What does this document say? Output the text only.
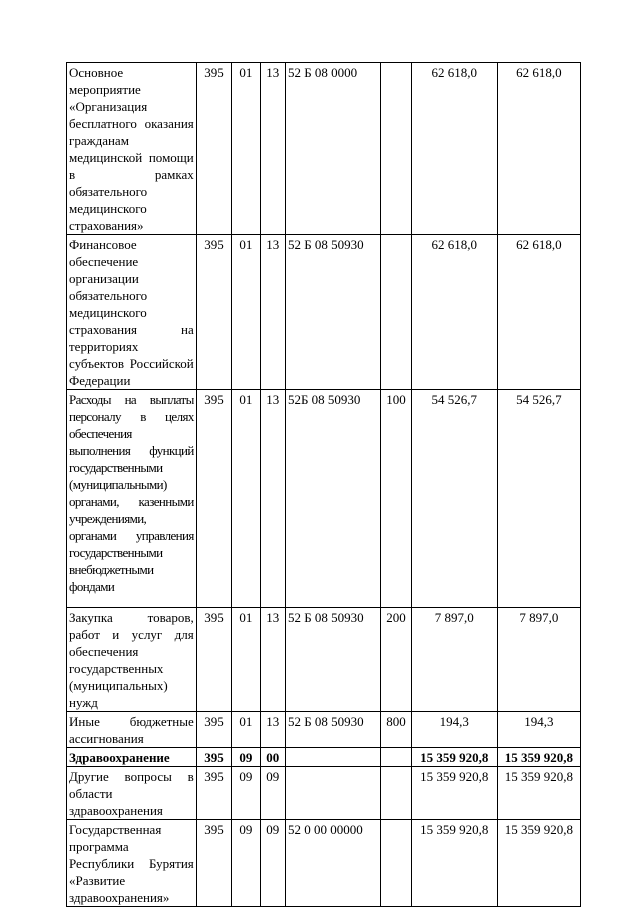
Основное мероприятие «Организация бесплатного оказания гражданам медицинской помощи в рамках обязательного медицинского страхования»	395	01	13	52 Б 08 0000		62 618,0	62 618,0
Финансовое обеспечение организации обязательного медицинского страхования на территориях субъектов Российской Федерации	395	01	13	52 Б 08 50930		62 618,0	62 618,0
Расходы на выплаты персоналу в целях обеспечения выполнения функций государственными (муниципальными) органами, казенными учреждениями, органами управления государственными внебюджетными фондами	395	01	13	52Б 08 50930	100	54 526,7	54 526,7
Закупка товаров, работ и услуг для обеспечения государственных (муниципальных) нужд	395	01	13	52 Б 08 50930	200	7 897,0	7 897,0
Иные бюджетные ассигнования	395	01	13	52 Б 08 50930	800	194,3	194,3
Здравоохранение	395	09	00			15 359 920,8	15 359 920,8
Другие вопросы в области здравоохранения	395	09	09			15 359 920,8	15 359 920,8
Государственная программа Республики Бурятия «Развитие здравоохранения»	395	09	09	52 0 00 00000		15 359 920,8	15 359 920,8
